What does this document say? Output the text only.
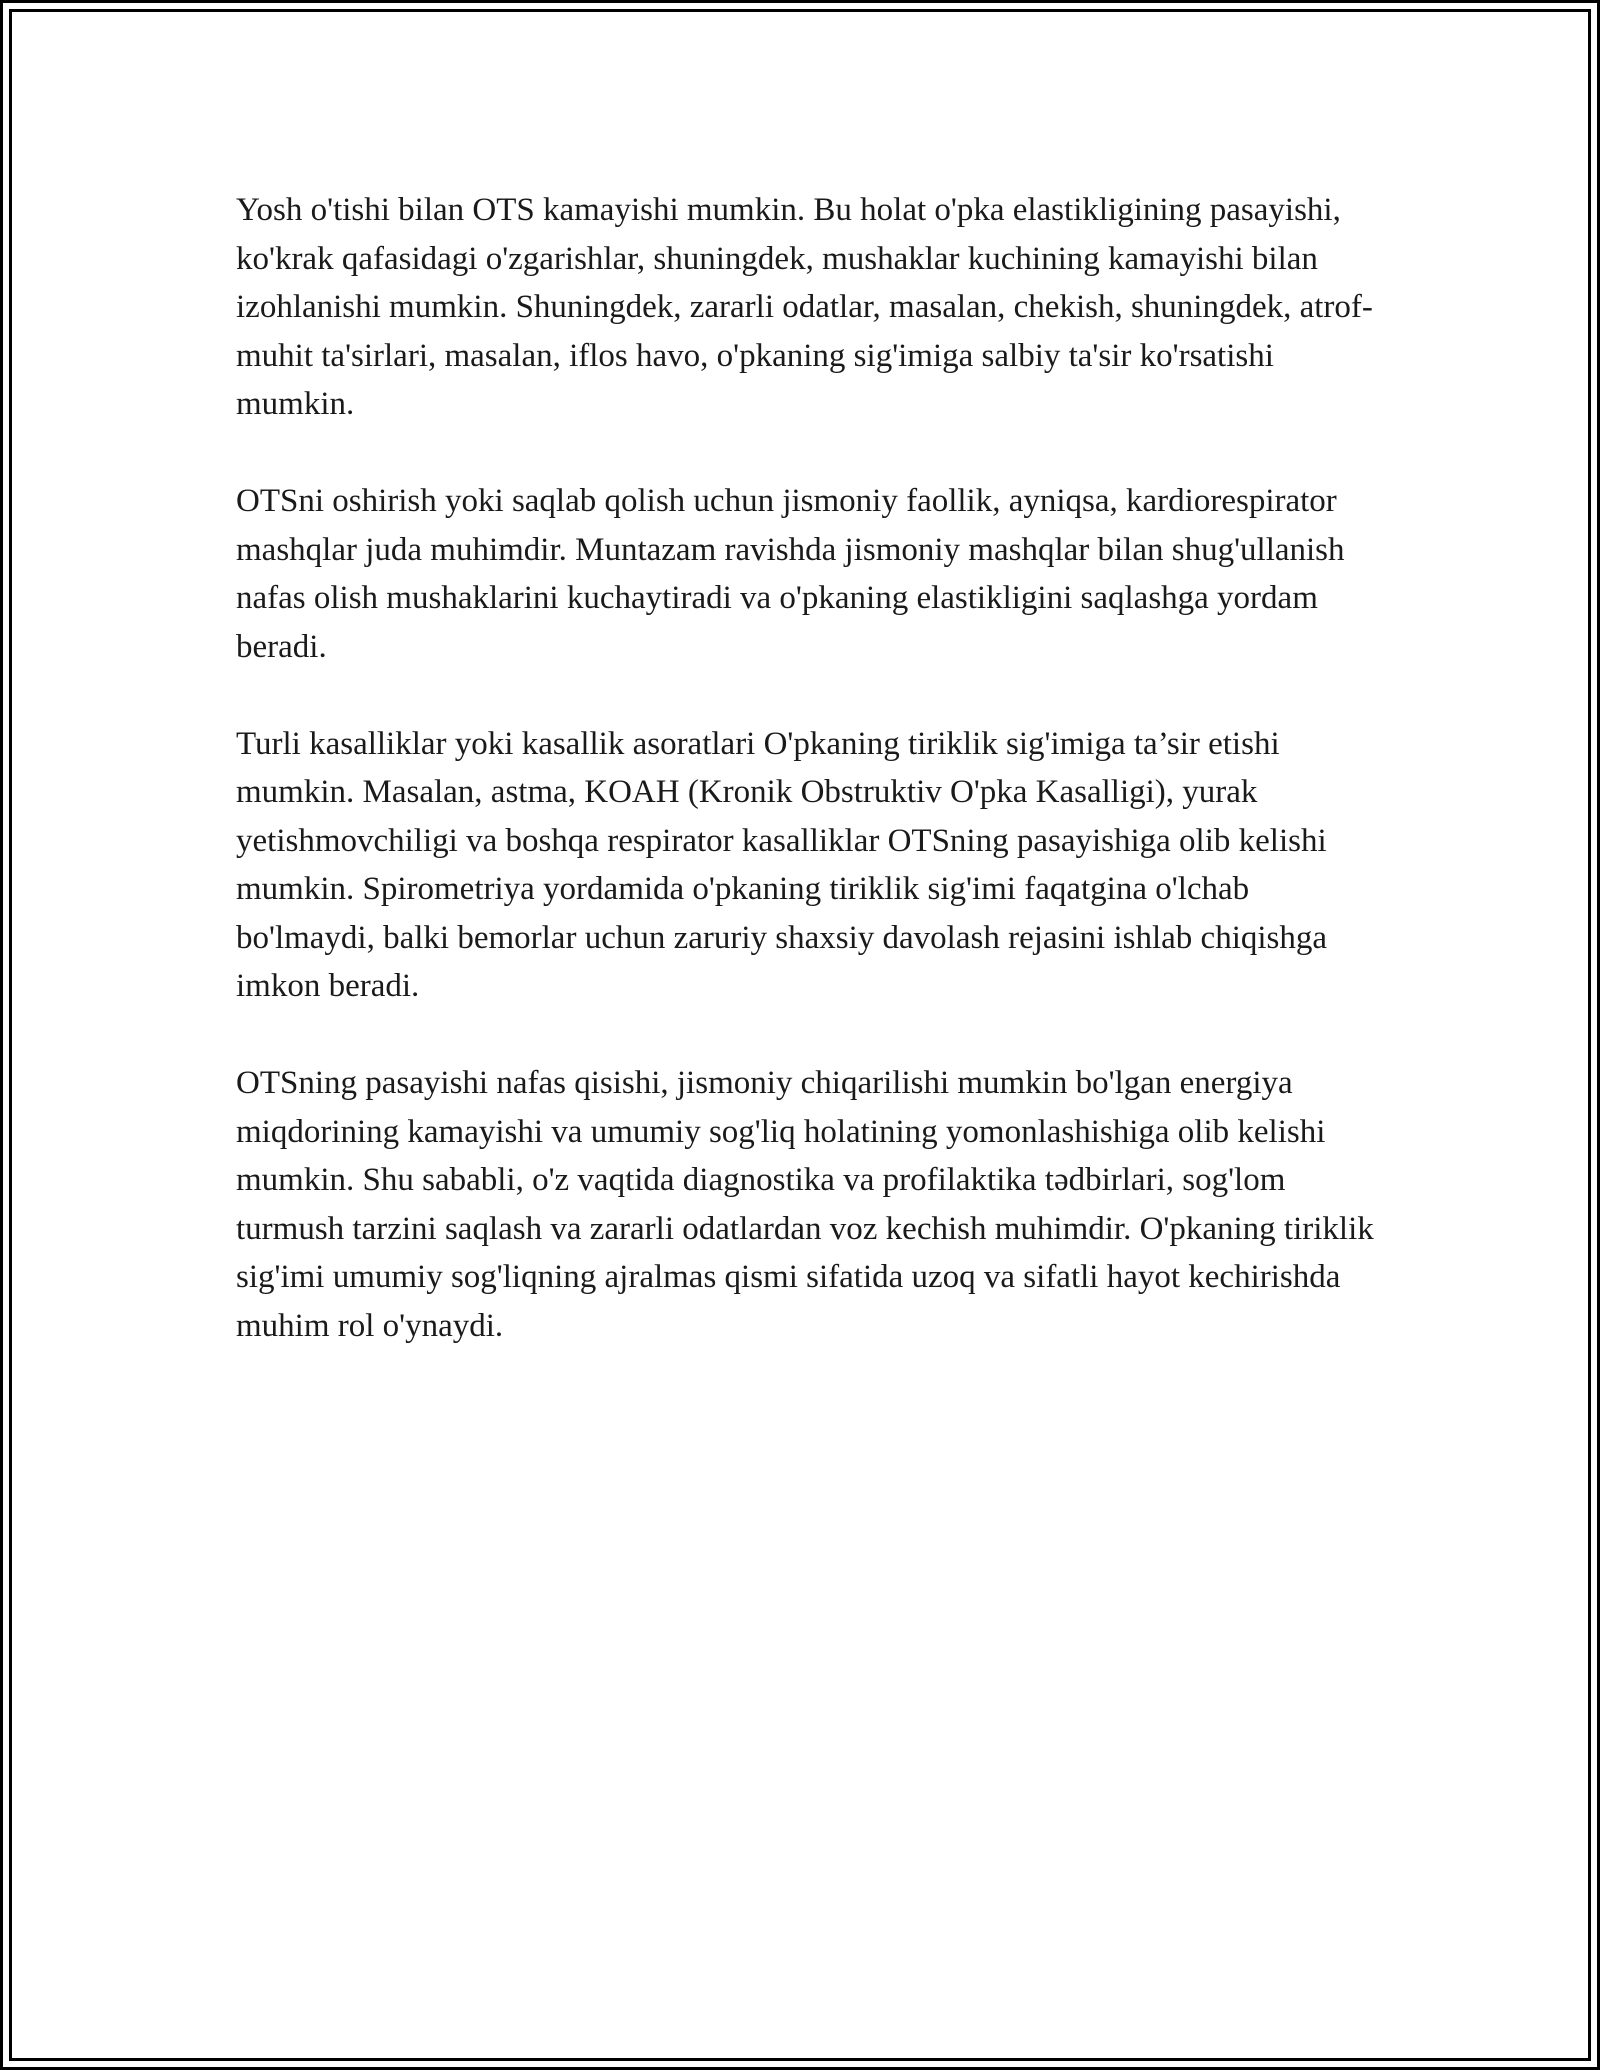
Yosh o'tishi bilan OTS kamayishi mumkin. Bu holat o'pka elastikligining pasayishi, ko'krak qafasidagi o'zgarishlar, shuningdek, mushaklar kuchining kamayishi bilan izohlanishi mumkin. Shuningdek, zararli odatlar, masalan, chekish, shuningdek, atrof-muhit ta'sirlari, masalan, iflos havo, o'pkaning sig'imiga salbiy ta'sir ko'rsatishi mumkin.

OTSni oshirish yoki saqlab qolish uchun jismoniy faollik, ayniqsa, kardiorespirator mashqlar juda muhimdir. Muntazam ravishda jismoniy mashqlar bilan shug'ullanish nafas olish mushaklarini kuchaytiradi va o'pkaning elastikligini saqlashga yordam beradi.

Turli kasalliklar yoki kasallik asoratlari O'pkaning tiriklik sig'imiga ta’sir etishi mumkin. Masalan, astma, KOAH (Kronik Obstruktiv O'pka Kasalligi), yurak yetishmovchiligi va boshqa respirator kasalliklar OTSning pasayishiga olib kelishi mumkin. Spirometriya yordamida o'pkaning tiriklik sig'imi faqatgina o'lchab bo'lmaydi, balki bemorlar uchun zaruriy shaxsiy davolash rejasini ishlab chiqishga imkon beradi.

OTSning pasayishi nafas qisishi, jismoniy chiqarilishi mumkin bo'lgan energiya miqdorining kamayishi va umumiy sog'liq holatining yomonlashishiga olib kelishi mumkin. Shu sababli, o'z vaqtida diagnostika va profilaktika tədbirlari, sog'lom turmush tarzini saqlash va zararli odatlardan voz kechish muhimdir. O'pkaning tiriklik sig'imi umumiy sog'liqning ajralmas qismi sifatida uzoq va sifatli hayot kechirishda muhim rol o'ynaydi.
